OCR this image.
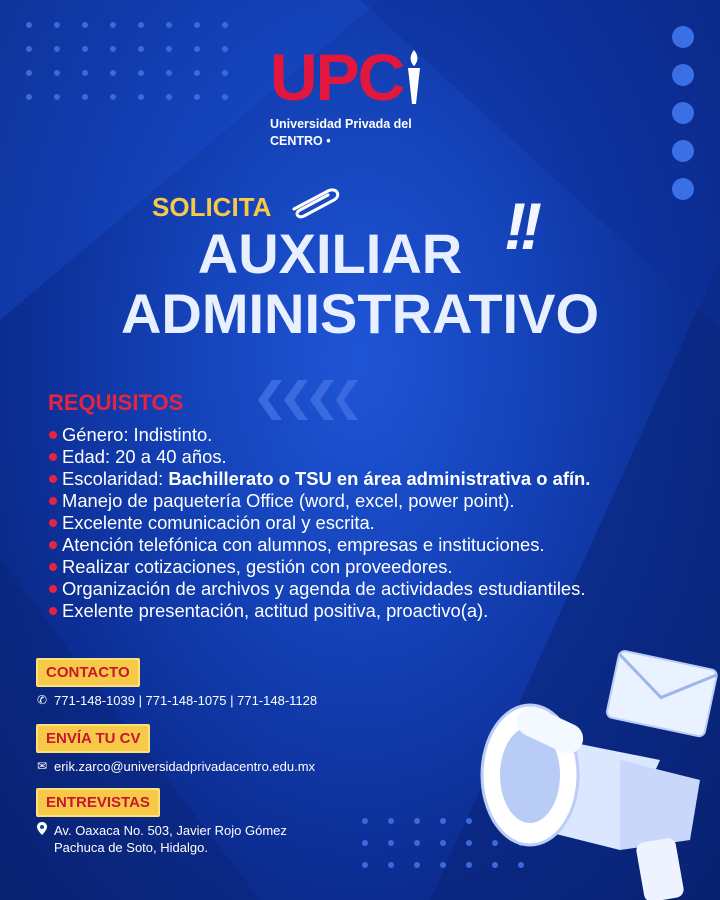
UPC
Universidad Privada del
CENTRO •
SOLICITA
AUXILIAR !!
ADMINISTRATIVO
REQUISITOS
Género: Indistinto.
Edad: 20 a 40 años.
Escolaridad: Bachillerato o TSU en área administrativa o afín.
Manejo de paquetería Office (word, excel, power point).
Excelente comunicación oral y escrita.
Atención telefónica con alumnos, empresas e instituciones.
Realizar cotizaciones, gestión con proveedores.
Organización de archivos y agenda de actividades estudiantiles.
Exelente presentación, actitud positiva, proactivo(a).
CONTACTO
✆ 771-148-1039 | 771-148-1075 | 771-148-1128
ENVÍA TU CV
✉ erik.zarco@universidadprivadacentro.edu.mx
ENTREVISTAS
Av. Oaxaca No. 503, Javier Rojo Gómez
Pachuca de Soto, Hidalgo.
